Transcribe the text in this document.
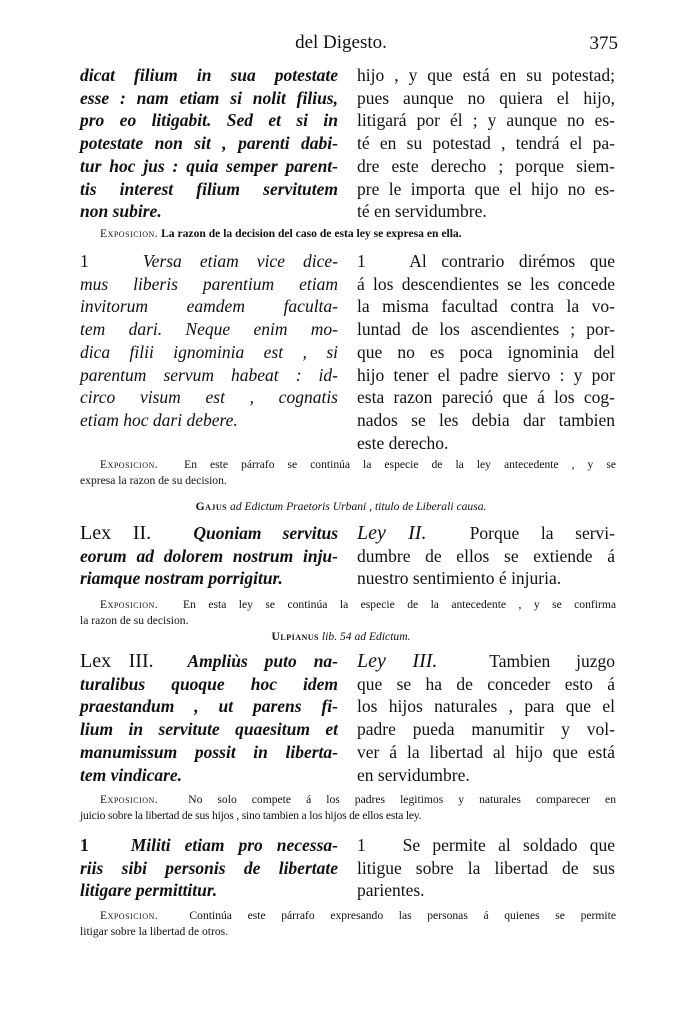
del Digesto.	375
dicat filium in sua potestate
esse : nam etiam si nolit filius,
pro eo litigabit. Sed et si in
potestate non sit , parenti dabi-
tur hoc jus : quia semper parent-
tis interest filium servitutem
non subire.
hijo , y que está en su potestad;
pues aunque no quiera el hijo,
litigará por él ; y aunque no es-
té en su potestad , tendrá el pa-
dre este derecho ; porque siem-
pre le importa que el hijo no es-
té en servidumbre.
Exposicion. La razon de la decision del caso de esta ley se expresa en ella.
1	Versa etiam vice dice-
mus liberis parentium etiam
invitorum eamdem faculta-
tem dari. Neque enim mo-
dica filii ignominia est , si
parentum servum habeat : id-
circo visum est , cognatis
etiam hoc dari debere.
1 Al contrario dirémos que
á los descendientes se les concede
la misma facultad contra la vo-
luntad de los ascendientes ; por-
que no es poca ignominia del
hijo tener el padre siervo : y por
esta razon pareció que á los cog-
nados se les debia dar tambien
este derecho.
Exposicion. En este párrafo se continúa la especie de la ley antecedente , y se
expresa la razon de su decision.
Gajus ad Edictum Praetoris Urbani , titulo de Liberali causa.
Lex II. Quoniam servitus
eorum ad dolorem nostrum inju-
riamque nostram porrigitur.
Ley II. Porque la servi-
dumbre de ellos se extiende á
nuestro sentimiento é injuria.
Exposicion. En esta ley se continúa la especie de la antecedente , y se confirma
la razon de su decision.
Ulpianus lib. 54 ad Edictum.
Lex III. Ampliùs puto na-
turalibus quoque hoc idem
praestandum , ut parens fi-
lium in servitute quaesitum et
manumissum possit in liberta-
tem vindicare.
Ley III.	Tambien juzgo
que se ha de conceder esto á
los hijos naturales , para que el
padre pueda manumitir y vol-
ver á la libertad al hijo que está
en servidumbre.
Exposicion.	No solo compete á los padres legitimos y naturales comparecer en
juicio sobre la libertad de sus hijos , sino tambien a los hijos de ellos esta ley.
1 Militi etiam pro necessa-
riis sibi personis de libertate
litigare permittitur.
1 Se permite al soldado que
litigue sobre la libertad de sus
parientes.
Exposicion.	Continúa este párrafo expresando las personas á quienes se permite
litigar sobre la libertad de otros.
